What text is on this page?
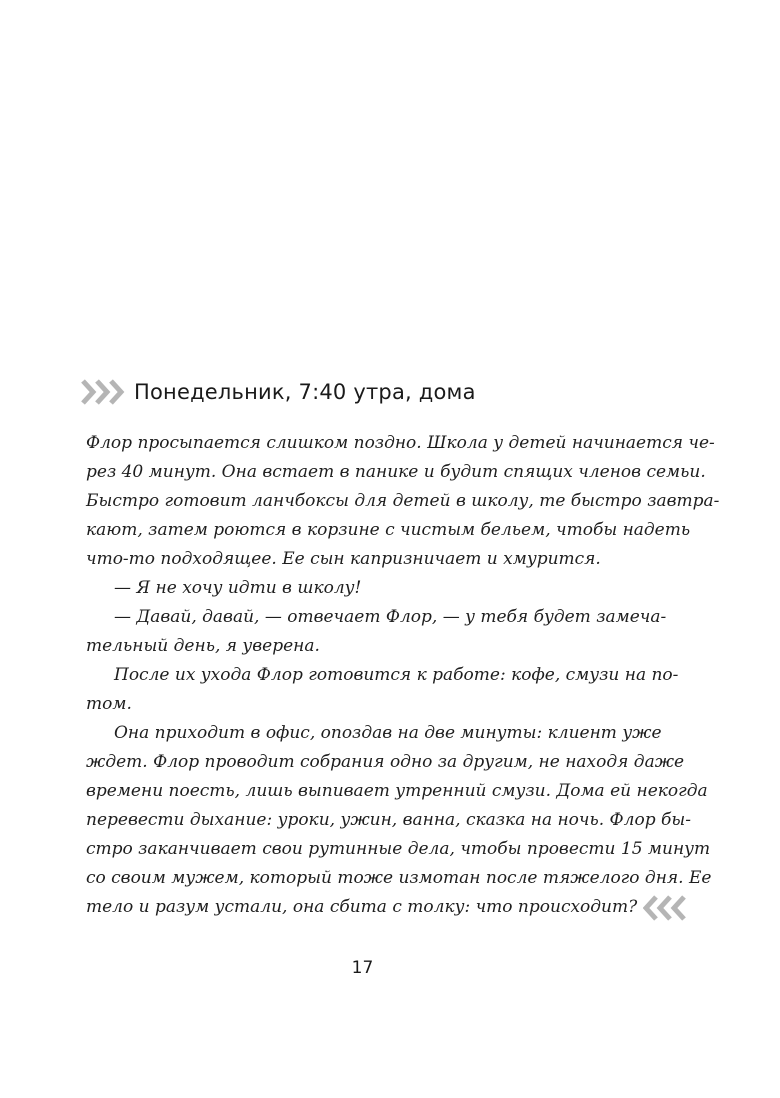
Понедельник, 7:40 утра, дома
Флор просыпается слишком поздно. Школа у детей начинается че-
рез 40 минут. Она встает в панике и будит спящих членов семьи.
Быстро готовит ланчбоксы для детей в школу, те быстро завтра-
кают, затем роются в корзине с чистым бельем, чтобы надеть
что-то подходящее. Ее сын капризничает и хмурится.
— Я не хочу идти в школу!
— Давай, давай, — отвечает Флор, — у тебя будет замеча-
тельный день, я уверена.
После их ухода Флор готовится к работе: кофе, смузи на по-
том.
Она приходит в офис, опоздав на две минуты: клиент уже
ждет. Флор проводит собрания одно за другим, не находя даже
времени поесть, лишь выпивает утренний смузи. Дома ей некогда
перевести дыхание: уроки, ужин, ванна, сказка на ночь. Флор бы-
стро заканчивает свои рутинные дела, чтобы провести 15 минут
со своим мужем, который тоже измотан после тяжелого дня. Ее
тело и разум устали, она сбита с толку: что происходит?
17
